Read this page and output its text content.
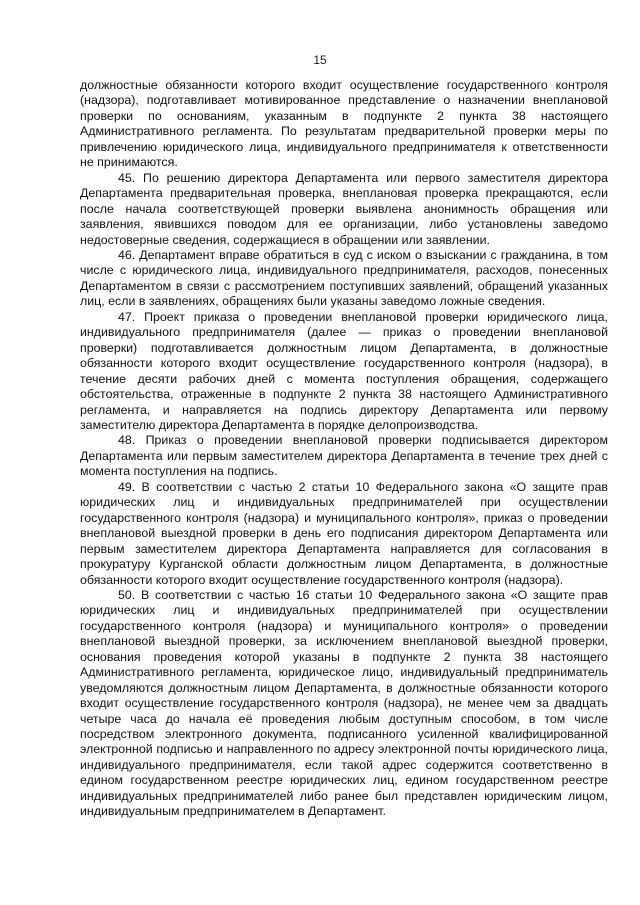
15

должностные обязанности которого входит осуществление государственного контроля (надзора), подготавливает мотивированное представление о назначении внеплановой проверки по основаниям, указанным в подпункте 2 пункта 38 настоящего Административного регламента. По результатам предварительной проверки меры по привлечению юридического лица, индивидуального предпринимателя к ответственности не принимаются.

45. По решению директора Департамента или первого заместителя директора Департамента предварительная проверка, внеплановая проверка прекращаются, если после начала соответствующей проверки выявлена анонимность обращения или заявления, явившихся поводом для ее организации, либо установлены заведомо недостоверные сведения, содержащиеся в обращении или заявлении.

46. Департамент вправе обратиться в суд с иском о взыскании с гражданина, в том числе с юридического лица, индивидуального предпринимателя, расходов, понесенных Департаментом в связи с рассмотрением поступивших заявлений, обращений указанных лиц, если в заявлениях, обращениях были указаны заведомо ложные сведения.

47. Проект приказа о проведении внеплановой проверки юридического лица, индивидуального предпринимателя (далее — приказ о проведении внеплановой проверки) подготавливается должностным лицом Департамента, в должностные обязанности которого входит осуществление государственного контроля (надзора), в течение десяти рабочих дней с момента поступления обращения, содержащего обстоятельства, отраженные в подпункте 2 пункта 38 настоящего Административного регламента, и направляется на подпись директору Департамента или первому заместителю директора Департамента в порядке делопроизводства.

48. Приказ о проведении внеплановой проверки подписывается директором Департамента или первым заместителем директора Департамента в течение трех дней с момента поступления на подпись.

49. В соответствии с частью 2 статьи 10 Федерального закона «О защите прав юридических лиц и индивидуальных предпринимателей при осуществлении государственного контроля (надзора) и муниципального контроля», приказ о проведении внеплановой выездной проверки в день его подписания директором Департамента или первым заместителем директора Департамента направляется для согласования в прокуратуру Курганской области должностным лицом Департамента, в должностные обязанности которого входит осуществление государственного контроля (надзора).

50. В соответствии с частью 16 статьи 10 Федерального закона «О защите прав юридических лиц и индивидуальных предпринимателей при осуществлении государственного контроля (надзора) и муниципального контроля» о проведении внеплановой выездной проверки, за исключением внеплановой выездной проверки, основания проведения которой указаны в подпункте 2 пункта 38 настоящего Административного регламента, юридическое лицо, индивидуальный предприниматель уведомляются должностным лицом Департамента, в должностные обязанности которого входит осуществление государственного контроля (надзора), не менее чем за двадцать четыре часа до начала её проведения любым доступным способом, в том числе посредством электронного документа, подписанного усиленной квалифицированной электронной подписью и направленного по адресу электронной почты юридического лица, индивидуального предпринимателя, если такой адрес содержится соответственно в едином государственном реестре юридических лиц, едином государственном реестре индивидуальных предпринимателей либо ранее был представлен юридическим лицом, индивидуальным предпринимателем в Департамент.
